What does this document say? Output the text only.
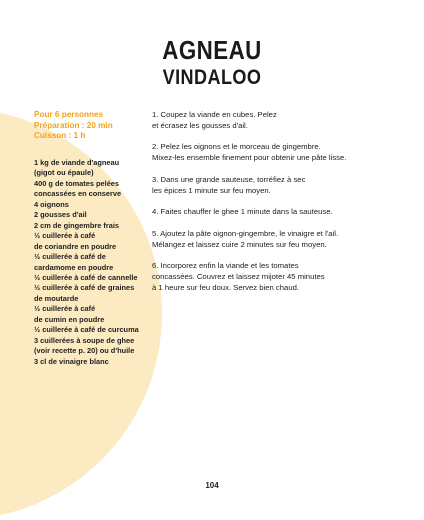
AGNEAU
VINDALOO
Pour 6 personnes
Préparation : 20 min
Cuisson : 1 h
1 kg de viande d'agneau
(gigot ou épaule)
400 g de tomates pelées
concassées en conserve
4 oignons
2 gousses d'ail
2 cm de gingembre frais
½ cuillerée à café
de coriandre en poudre
½ cuillerée à café de
cardamome en poudre
½ cuillerée à café de cannelle
½ cuillerée à café de graines
de moutarde
½ cuillerée à café
de cumin en poudre
½ cuillerée à café de curcuma
3 cuillerées à soupe de ghee
(voir recette p. 20) ou d'huile
3 cl de vinaigre blanc
1. Coupez la viande en cubes. Pelez
et écrasez les gousses d'ail.
2. Pelez les oignons et le morceau de gingembre.
Mixez-les ensemble finement pour obtenir une pâte lisse.
3. Dans une grande sauteuse, torréfiez à sec
les épices 1 minute sur feu moyen.
4. Faites chauffer le ghee 1 minute dans la sauteuse.
5. Ajoutez la pâte oignon-gingembre, le vinaigre et l'ail.
Mélangez et laissez cuire 2 minutes sur feu moyen.
6. Incorporez enfin la viande et les tomates
concassées. Couvrez et laissez mijoter 45 minutes
à 1 heure sur feu doux. Servez bien chaud.
104
